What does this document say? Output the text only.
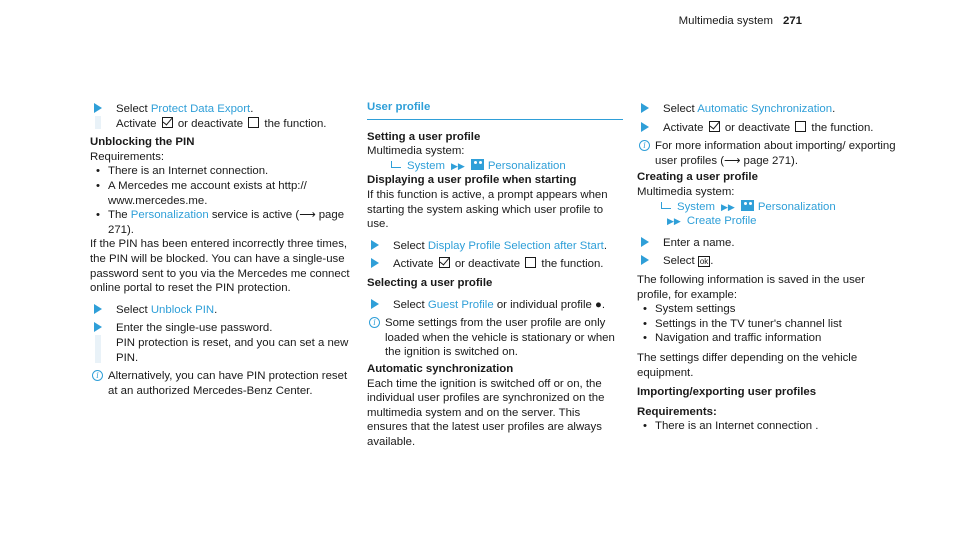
Multimedia system 271

Select Protect Data Export.

Activate  or deactivate  the function.

Unblocking the PIN

Requirements:

• There is an Internet connection.
• A Mercedes me account exists at http:// www.mercedes.me.
• The Personalization service is active (⟶ page 271).

If the PIN has been entered incorrectly three times, the PIN will be blocked. You can have a single-use password sent to you via the Mercedes me connect online portal to reset the PIN protection.

Select Unblock PIN.

Enter the single-use password.

PIN protection is reset, and you can set a new PIN.

i Alternatively, you can have PIN protection reset at an authorized Mercedes-Benz Center.
User profile

Setting a user profile

Multimedia system:

System ▶▶ Personalization

Displaying a user profile when starting

If this function is active, a prompt appears when starting the system asking which user profile to use.

Select Display Profile Selection after Start.

Activate  or deactivate  the function.

Selecting a user profile

Select Guest Profile or individual profile ●.

i Some settings from the user profile are only loaded when the vehicle is stationary or when the ignition is switched on.

Automatic synchronization

Each time the ignition is switched off or on, the individual user profiles are synchronized on the multimedia system and on the server. This ensures that the latest user profiles are always available.

Select Automatic Synchronization.

Activate  or deactivate  the function.

i For more information about importing/ exporting user profiles (⟶ page 271).

Creating a user profile

Multimedia system:

System ▶▶ Personalization

▶▶ Create Profile

Enter a name.

Select ok .

The following information is saved in the user profile, for example:

• System settings
• Settings in the TV tuner's channel list
• Navigation and traffic information

The settings differ depending on the vehicle equipment.

Importing/exporting user profiles

Requirements:

• There is an Internet connection .
